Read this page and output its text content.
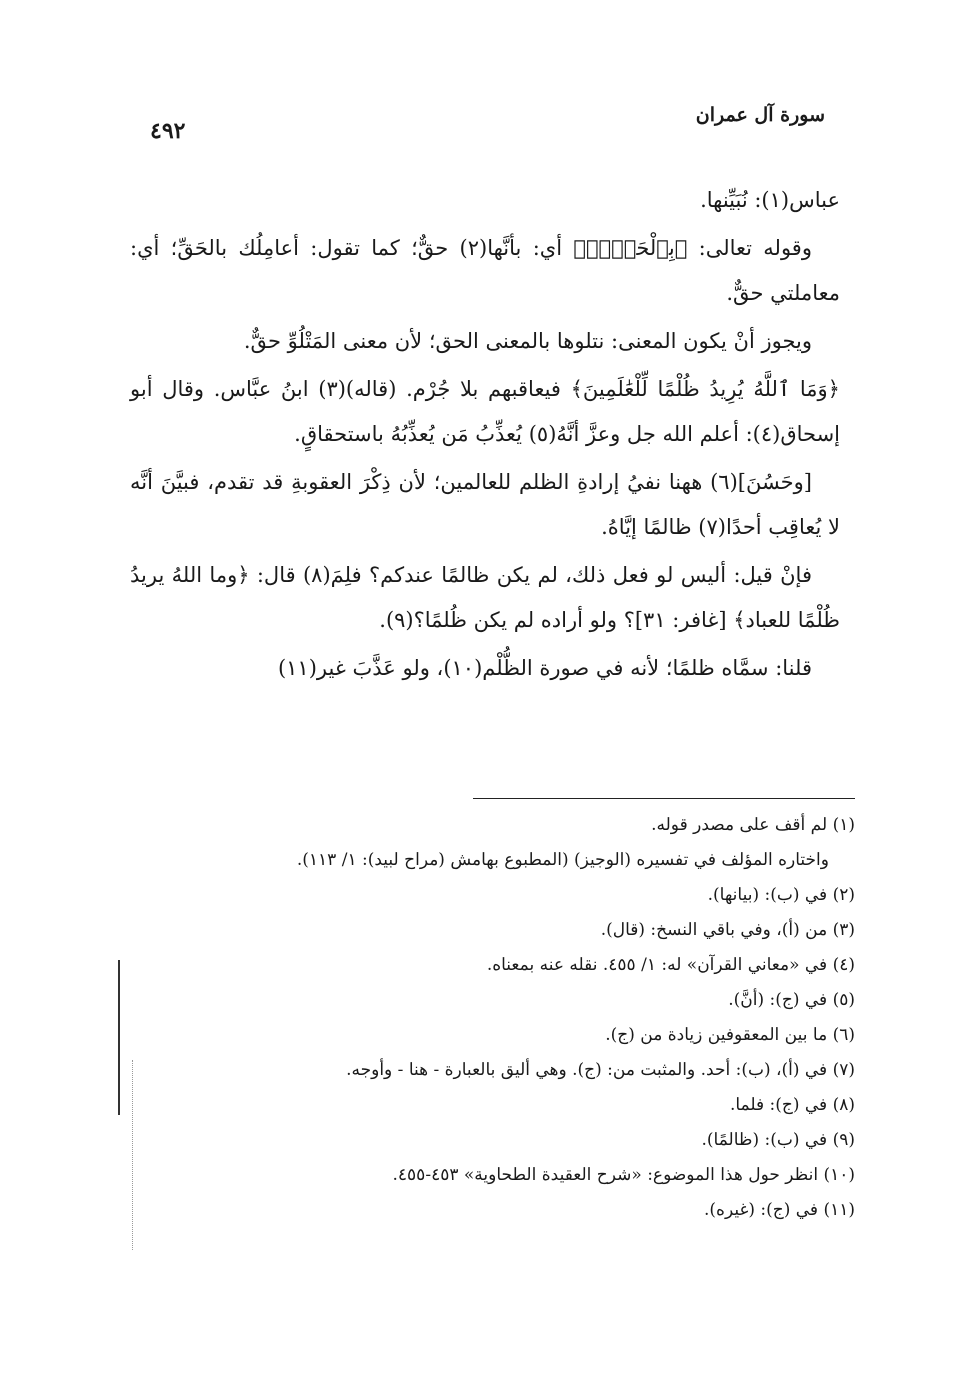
سورة آل عمران
٤٩٢

عباس(١): نُبَيِّنها.

وقوله تعالى: ﴿بِٱلْحَقِّۗ﴾ أي: بأنَّها(٢) حقٌّ؛ كما تقول: أعامِلُك بالحَقِّ؛ أي: معاملتي حقٌّ.

ويجوز أنْ يكون المعنى: نتلوها بالمعنى الحق؛ لأن معنى المَتْلُوِّ حقٌّ.

﴿وَمَا ٱللَّهُ يُرِيدُ ظُلْمًا لِّلْعَٰلَمِينَ﴾ فيعاقبهم بلا جُرْم. (قاله)(٣) ابنُ عبَّاس. وقال أبو إسحاق(٤): أعلم الله جل وعزَّ أنَّهُ(٥) يُعذِّبُ مَن يُعذِّبُهُ باستحقاقٍ.

[وحَسُنَ](٦) ههنا نفيُ إرادةِ الظلم للعالمين؛ لأن ذِكْرَ العقوبةِ قد تقدم، فبيَّنَ أنَّه لا يُعاقِب أحدًا(٧) ظالمًا إيَّاهُ.

فإنْ قيل: أليس لو فعل ذلك، لم يكن ظالمًا عندكم؟ فلِمَ(٨) قال: ﴿وما اللهُ يريدُ ظُلْمًا للعباد﴾ [غافر: ٣١]؟ ولو أراده لم يكن ظُلمًا؟(٩).

قلنا: سمَّاه ظلمًا؛ لأنه في صورة الظُّلْم(١٠)، ولو عَذَّبَ غير(١١)

(١) لم أقف على مصدر قوله.

واختاره المؤلف في تفسيره (الوجيز) (المطبوع بهامش (مراح لبيد): ١/ ١١٣).

(٢) في (ب): (بيانها).

(٣) من (أ)، وفي باقي النسخ: (قال).

(٤) في «معاني القرآن» له: ١/ ٤٥٥. نقله عنه بمعناه.

(٥) في (ج): (أنَّ).

(٦) ما بين المعقوفين زيادة من (ج).

(٧) في (أ)، (ب): أحد. والمثبت من: (ج). وهي أليق بالعبارة - هنا - وأوجه.

(٨) في (ج): فلما.

(٩) في (ب): (ظالمًا).

(١٠) انظر حول هذا الموضوع: «شرح العقيدة الطحاوية» ٤٥٣-٤٥٥.

(١١) في (ج): (غيره).
